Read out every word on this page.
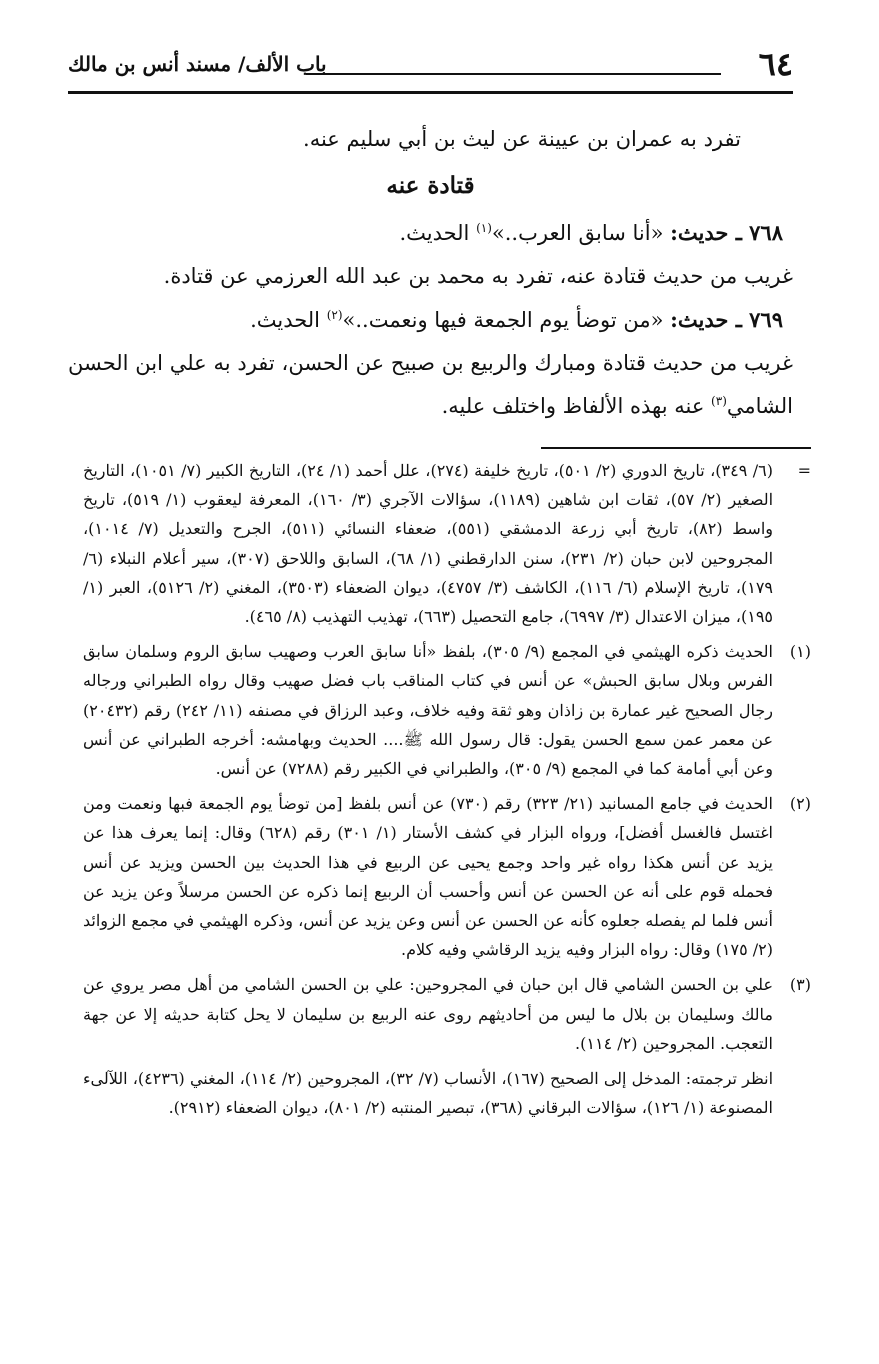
٦٤
باب الألف/ مسند أنس بن مالك

تفرد به عمران بن عيينة عن ليث بن أبي سليم عنه.

قتادة عنه

٧٦٨ ـ حديث: «أنا سابق العرب..»$^{(١)}$ الحديث.

غريب من حديث قتادة عنه، تفرد به محمد بن عبد الله العرزمي عن قتادة.

٧٦٩ ـ حديث: «من توضأ يوم الجمعة فيها ونعمت..»$^{(٢)}$ الحديث.

غريب من حديث قتادة ومبارك والربيع بن صبيح عن الحسن، تفرد به علي ابن الحسن الشامي$^{(٣)}$ عنه بهذه الألفاظ واختلف عليه.

=

(٦/ ٣٤٩)، تاريخ الدوري (٢/ ٥٠١)، تاريخ خليفة (٢٧٤)، علل أحمد (١/ ٢٤)، التاريخ الكبير (٧/ ١٠٥١)، التاريخ الصغير (٢/ ٥٧)، ثقات ابن شاهين (١١٨٩)، سؤالات الآجري (٣/ ١٦٠)، المعرفة ليعقوب (١/ ٥١٩)، تاريخ واسط (٨٢)، تاريخ أبي زرعة الدمشقي (٥٥١)، ضعفاء النسائي (٥١١)، الجرح والتعديل (٧/ ١٠١٤)، المجروحين لابن حبان (٢/ ٢٣١)، سنن الدارقطني (١/ ٦٨)، السابق واللاحق (٣٠٧)، سير أعلام النبلاء (٦/ ١٧٩)، تاريخ الإسلام (٦/ ١١٦)، الكاشف (٣/ ٤٧٥٧)، ديوان الضعفاء (٣٥٠٣)، المغني (٢/ ٥١٢٦)، العبر (١/ ١٩٥)، ميزان الاعتدال (٣/ ٦٩٩٧)، جامع التحصيل (٦٦٣)، تهذيب التهذيب (٨/ ٤٦٥).

(١)

الحديث ذكره الهيثمي في المجمع (٩/ ٣٠٥)، بلفظ «أنا سابق العرب وصهيب سابق الروم وسلمان سابق الفرس وبلال سابق الحبش» عن أنس في كتاب المناقب باب فضل صهيب وقال رواه الطبراني ورجاله رجال الصحيح غير عمارة بن زاذان وهو ثقة وفيه خلاف، وعبد الرزاق في مصنفه (١١/ ٢٤٢) رقم (٢٠٤٣٢) عن معمر عمن سمع الحسن يقول: قال رسول الله ﷺ.... الحديث وبهامشه: أخرجه الطبراني عن أنس وعن أبي أمامة كما في المجمع (٩/ ٣٠٥)، والطبراني في الكبير رقم (٧٢٨٨) عن أنس.

(٢)

الحديث في جامع المسانيد (٢١/ ٣٢٣) رقم (٧٣٠) عن أنس بلفظ [من توضأ يوم الجمعة فبها ونعمت ومن اغتسل فالغسل أفضل]، ورواه البزار في كشف الأستار (١/ ٣٠١) رقم (٦٢٨) وقال: إنما يعرف هذا عن يزيد عن أنس هكذا رواه غير واحد وجمع يحيى عن الربيع في هذا الحديث بين الحسن ويزيد عن أنس فحمله قوم على أنه عن الحسن عن أنس وأحسب أن الربيع إنما ذكره عن الحسن مرسلاً وعن يزيد عن أنس فلما لم يفصله جعلوه كأنه عن الحسن عن أنس وعن يزيد عن أنس، وذكره الهيثمي في مجمع الزوائد (٢/ ١٧٥) وقال: رواه البزار وفيه يزيد الرقاشي وفيه كلام.

(٣)

علي بن الحسن الشامي قال ابن حبان في المجروحين: علي بن الحسن الشامي من أهل مصر يروي عن مالك وسليمان بن بلال ما ليس من أحاديثهم روى عنه الربيع بن سليمان لا يحل كتابة حديثه إلا عن جهة التعجب. المجروحين (٢/ ١١٤).

انظر ترجمته: المدخل إلى الصحيح (١٦٧)، الأنساب (٧/ ٣٢)، المجروحين (٢/ ١١٤)، المغني (٤٢٣٦)، اللآلىء المصنوعة (١/ ١٢٦)، سؤالات البرقاني (٣٦٨)، تبصير المنتبه (٢/ ٨٠١)، ديوان الضعفاء (٢٩١٢).
